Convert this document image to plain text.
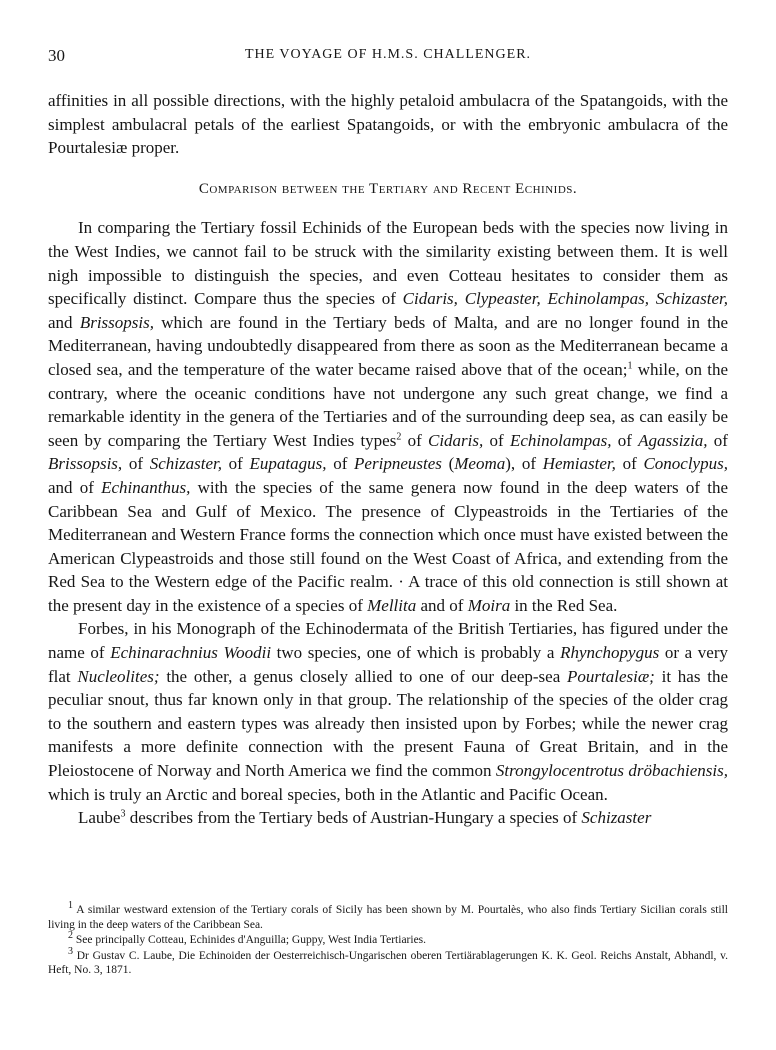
30	THE VOYAGE OF H.M.S. CHALLENGER.

affinities in all possible directions, with the highly petaloid ambulacra of the Spatangoids, with the simplest ambulacral petals of the earliest Spatangoids, or with the embryonic ambulacra of the Pourtalesiæ proper.

Comparison between the Tertiary and Recent Echinids.

In comparing the Tertiary fossil Echinids of the European beds with the species now living in the West Indies, we cannot fail to be struck with the similarity existing between them. It is well nigh impossible to distinguish the species, and even Cotteau hesitates to consider them as specifically distinct. Compare thus the species of Cidaris, Clypeaster, Echinolampas, Schizaster, and Brissopsis, which are found in the Tertiary beds of Malta, and are no longer found in the Mediterranean, having undoubtedly disappeared from there as soon as the Mediterranean became a closed sea, and the temperature of the water became raised above that of the ocean;$^1$ while, on the contrary, where the oceanic conditions have not undergone any such great change, we find a remarkable identity in the genera of the Tertiaries and of the surrounding deep sea, as can easily be seen by comparing the Tertiary West Indies types$^2$ of Cidaris, of Echinolampas, of Agassizia, of Brissopsis, of Schizaster, of Eupatagus, of Peripneustes (Meoma), of Hemiaster, of Conoclypus, and of Echinanthus, with the species of the same genera now found in the deep waters of the Caribbean Sea and Gulf of Mexico. The presence of Clypeastroids in the Tertiaries of the Mediterranean and Western France forms the connection which once must have existed between the American Clypeastroids and those still found on the West Coast of Africa, and extending from the Red Sea to the Western edge of the Pacific realm. · A trace of this old connection is still shown at the present day in the existence of a species of Mellita and of Moira in the Red Sea.

Forbes, in his Monograph of the Echinodermata of the British Tertiaries, has figured under the name of Echinarachnius Woodii two species, one of which is probably a Rhynchopygus or a very flat Nucleolites; the other, a genus closely allied to one of our deep-sea Pourtalesiæ; it has the peculiar snout, thus far known only in that group. The relationship of the species of the older crag to the southern and eastern types was already then insisted upon by Forbes; while the newer crag manifests a more definite connection with the present Fauna of Great Britain, and in the Pleiostocene of Norway and North America we find the common Strongylocentrotus dröbachiensis, which is truly an Arctic and boreal species, both in the Atlantic and Pacific Ocean.

Laube$^3$ describes from the Tertiary beds of Austrian-Hungary a species of Schizaster

$^1$ A similar westward extension of the Tertiary corals of Sicily has been shown by M. Pourtalès, who also finds Tertiary Sicilian corals still living in the deep waters of the Caribbean Sea.

$^2$ See principally Cotteau, Echinides d'Anguilla; Guppy, West India Tertiaries.

$^3$ Dr Gustav C. Laube, Die Echinoiden der Oesterreichisch-Ungarischen oberen Tertiärablagerungen K. K. Geol. Reichs Anstalt, Abhandl, v. Heft, No. 3, 1871.
